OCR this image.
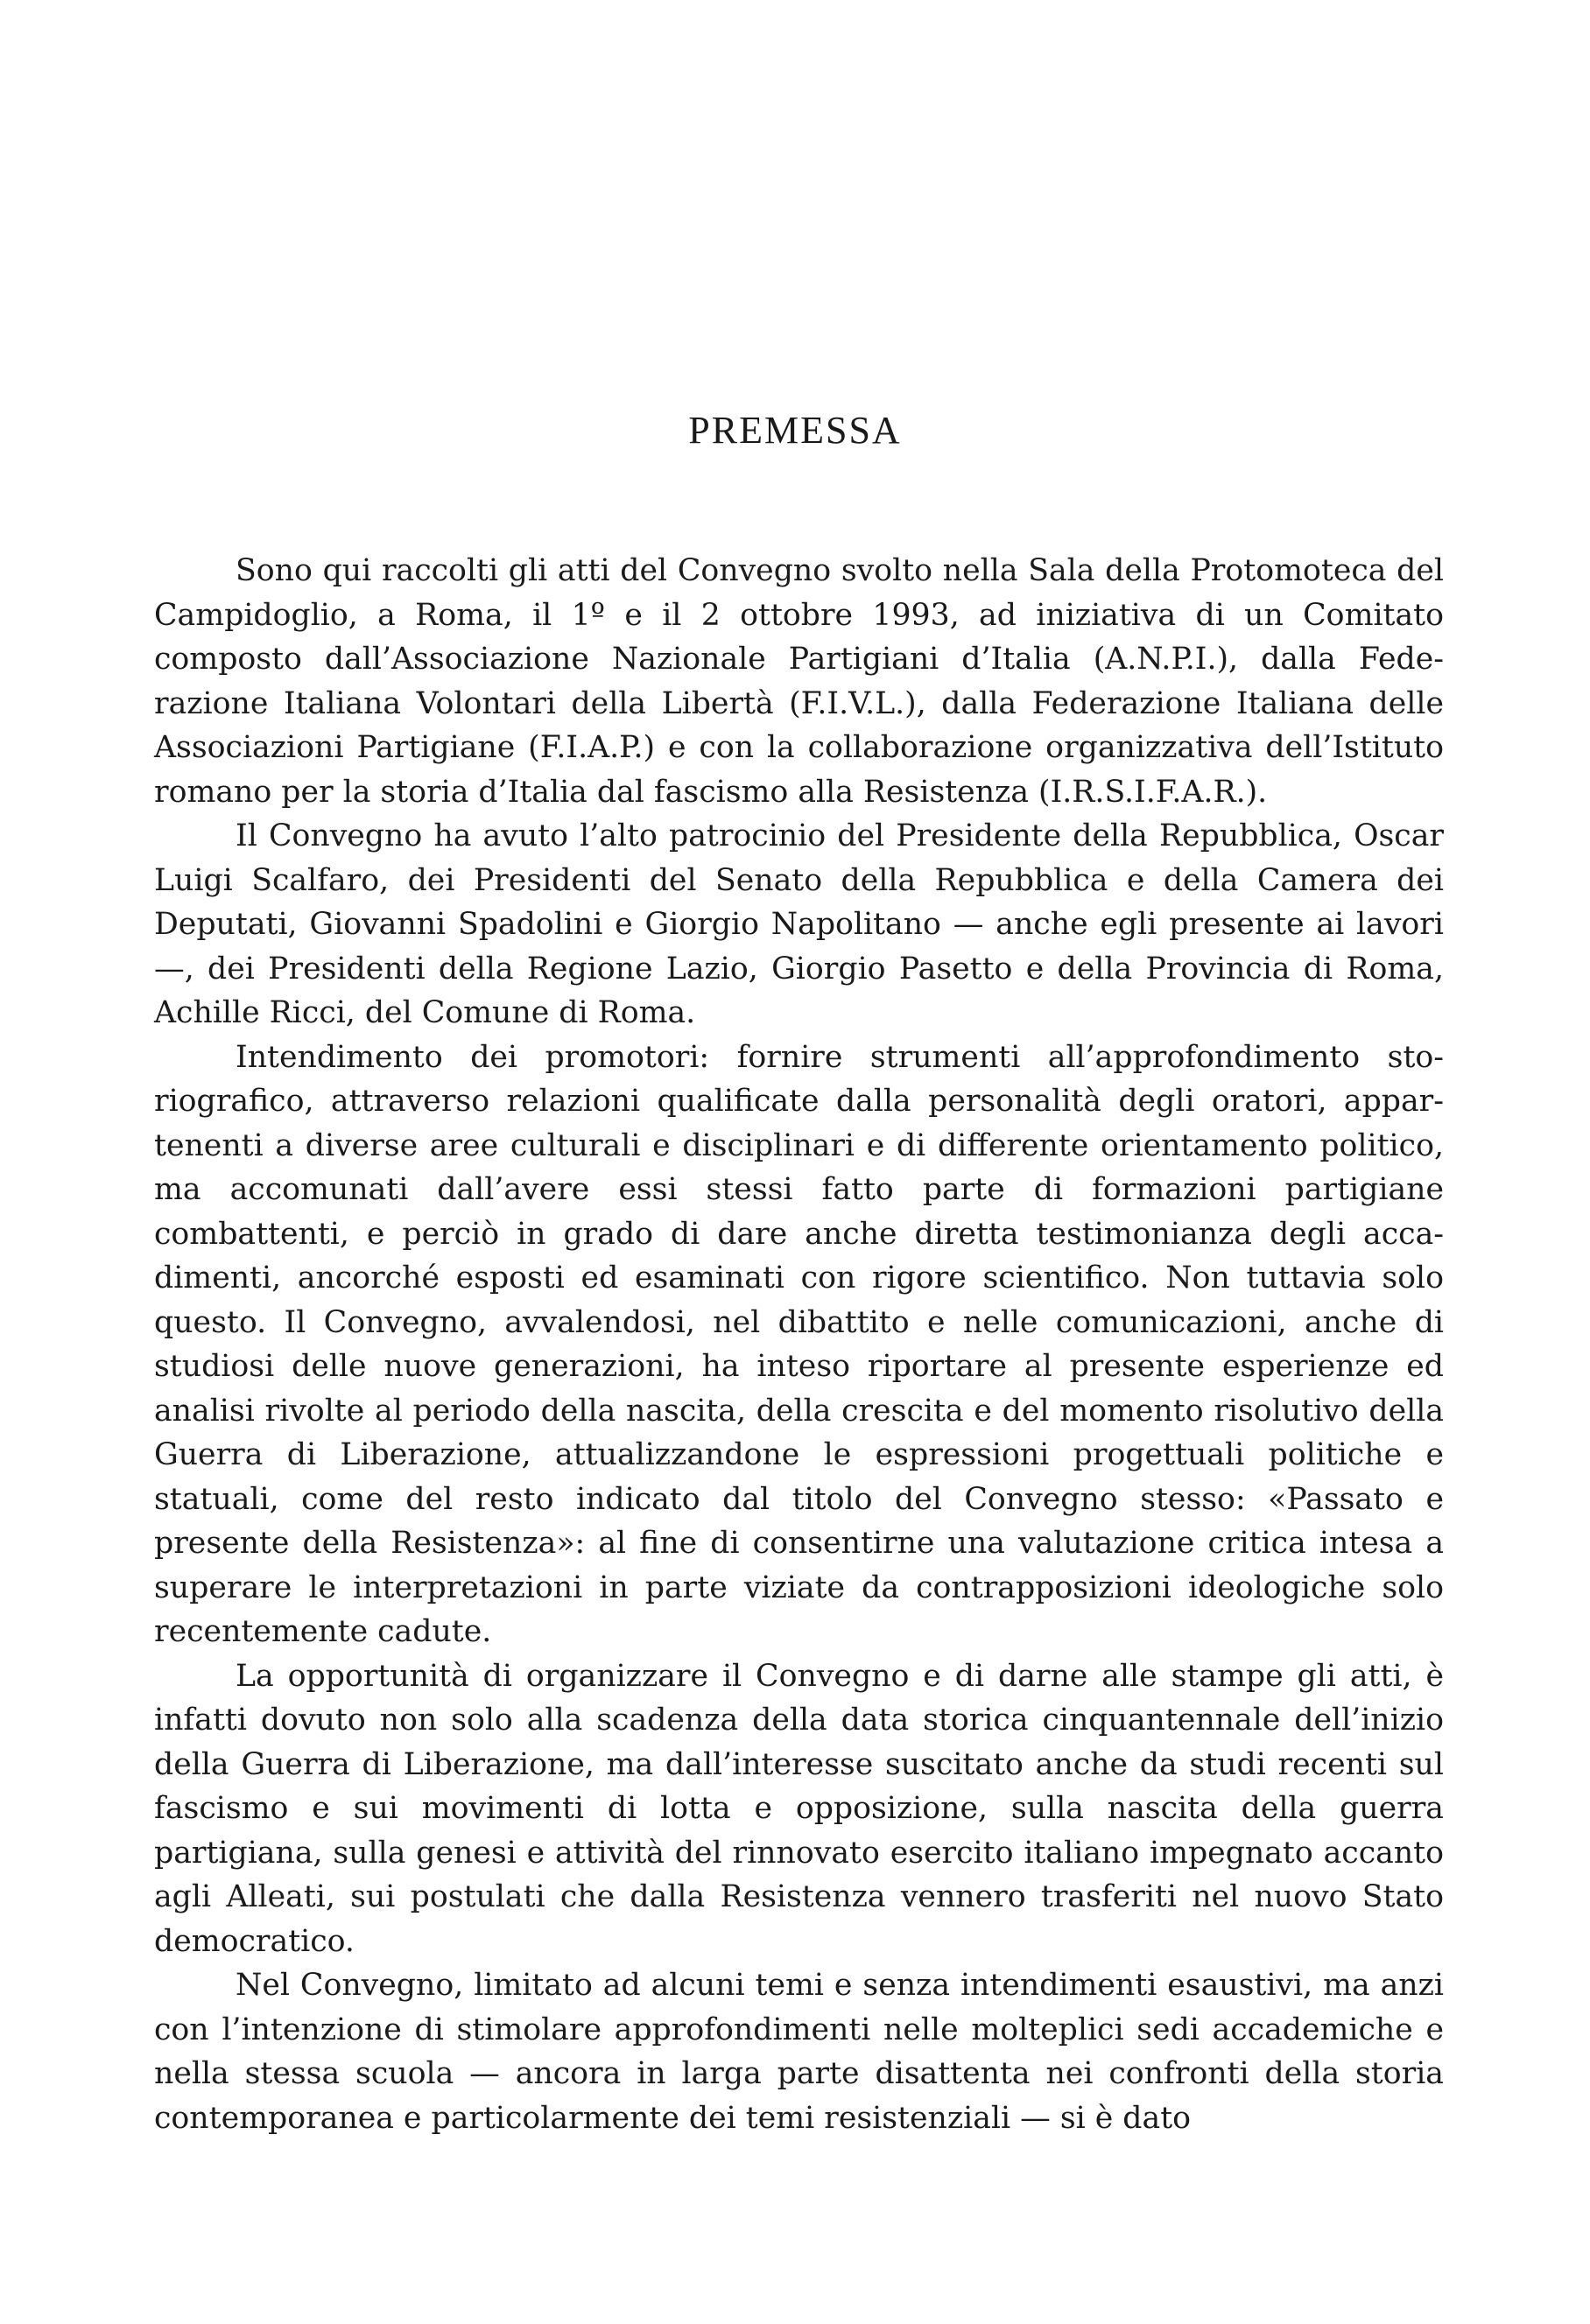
PREMESSA

Sono qui raccolti gli atti del Convegno svolto nella Sala della Protomoteca del Campidoglio, a Roma, il 1º e il 2 ottobre 1993, ad iniziativa di un Comitato composto dall’Associazione Nazionale Partigiani d’Italia (A.N.P.I.), dalla Federazione Italiana Volontari della Libertà (F.I.V.L.), dalla Federazione Italiana delle Associazioni Partigiane (F.I.A.P.) e con la collaborazione organizzativa dell’Istituto romano per la storia d’Italia dal fascismo alla Resistenza (I.R.S.I.F.A.R.).

Il Convegno ha avuto l’alto patrocinio del Presidente della Repubblica, Oscar Luigi Scalfaro, dei Presidenti del Senato della Repubblica e della Camera dei Deputati, Giovanni Spadolini e Giorgio Napolitano — anche egli presente ai lavori —, dei Presidenti della Regione Lazio, Giorgio Pasetto e della Provincia di Roma, Achille Ricci, del Comune di Roma.

Intendimento dei promotori: fornire strumenti all’approfondimento storiografico, attraverso relazioni qualificate dalla personalità degli oratori, appartenenti a diverse aree culturali e disciplinari e di differente orientamento politico, ma accomunati dall’avere essi stessi fatto parte di formazioni partigiane combattenti, e perciò in grado di dare anche diretta testimonianza degli accadimenti, ancorché esposti ed esaminati con rigore scientifico. Non tuttavia solo questo. Il Convegno, avvalendosi, nel dibattito e nelle comunicazioni, anche di studiosi delle nuove generazioni, ha inteso riportare al presente esperienze ed analisi rivolte al periodo della nascita, della crescita e del momento risolutivo della Guerra di Liberazione, attualizzandone le espressioni progettuali politiche e statuali, come del resto indicato dal titolo del Convegno stesso: «Passato e presente della Resistenza»: al fine di consentirne una valutazione critica intesa a superare le interpretazioni in parte viziate da contrapposizioni ideologiche solo recentemente cadute.

La opportunità di organizzare il Convegno e di darne alle stampe gli atti, è infatti dovuto non solo alla scadenza della data storica cinquantennale dell’inizio della Guerra di Liberazione, ma dall’interesse suscitato anche da studi recenti sul fascismo e sui movimenti di lotta e opposizione, sulla nascita della guerra partigiana, sulla genesi e attività del rinnovato esercito italiano impegnato accanto agli Alleati, sui postulati che dalla Resistenza vennero trasferiti nel nuovo Stato democratico.

Nel Convegno, limitato ad alcuni temi e senza intendimenti esaustivi, ma anzi con l’intenzione di stimolare approfondimenti nelle molteplici sedi accademiche e nella stessa scuola — ancora in larga parte disattenta nei confronti della storia contemporanea e particolarmente dei temi resistenziali — si è dato
